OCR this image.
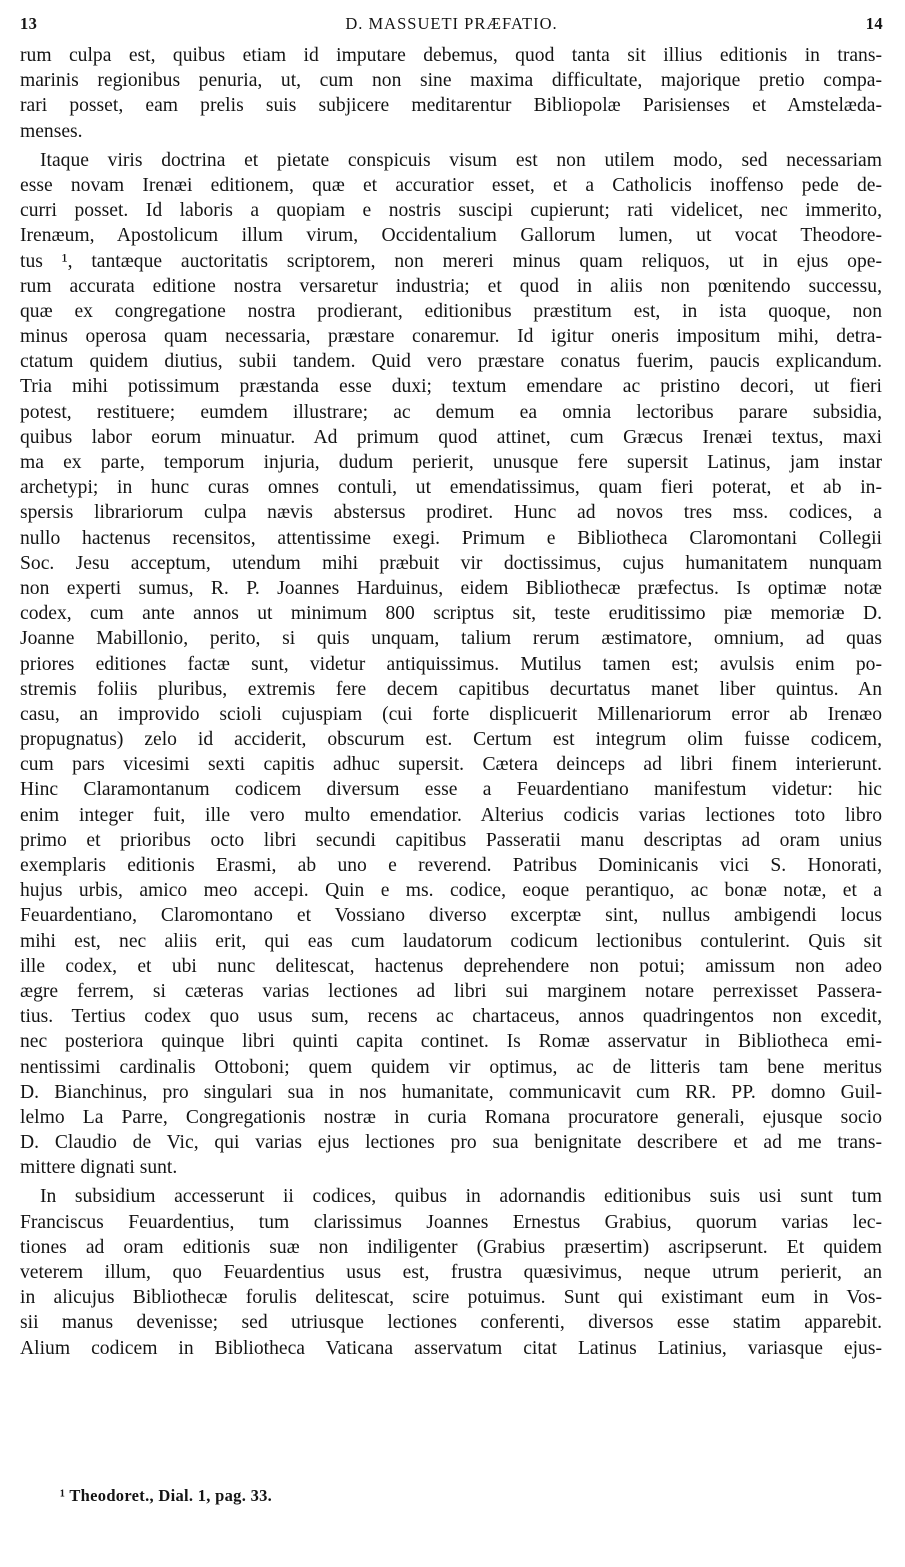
13	D. MASSUETI PRÆFATIO.	14
rum culpa est, quibus etiam id imputare debemus, quod tanta sit illius editionis in trans-
marinis regionibus penuria, ut, cum non sine maxima difficultate, majorique pretio compa-
rari posset, eam prelis suis subjicere meditarentur Bibliopolæ Parisienses et Amstelæda-
menses.
Itaque viris doctrina et pietate conspicuis visum est non utilem modo, sed necessariam
esse novam Irenæi editionem, quæ et accuratior esset, et a Catholicis inoffenso pede de-
curri posset. Id laboris a quopiam e nostris suscipi cupierunt; rati videlicet, nec immerito,
Irenæum, Apostolicum illum virum, Occidentalium Gallorum lumen, ut vocat Theodore-
tus ¹, tantæque auctoritatis scriptorem, non mereri minus quam reliquos, ut in ejus ope-
rum accurata editione nostra versaretur industria; et quod in aliis non pœnitendo successu,
quæ ex congregatione nostra prodierant, editionibus præstitum est, in ista quoque, non
minus operosa quam necessaria, præstare conaremur. Id igitur oneris impositum mihi, detra-
ctatum quidem diutius, subii tandem. Quid vero præstare conatus fuerim, paucis explicandum.
Tria mihi potissimum præstanda esse duxi; textum emendare ac pristino decori, ut fieri
potest, restituere; eumdem illustrare; ac demum ea omnia lectoribus parare subsidia,
quibus labor eorum minuatur. Ad primum quod attinet, cum Græcus Irenæi textus, maxi
ma ex parte, temporum injuria, dudum perierit, unusque fere supersit Latinus, jam instar
archetypi; in hunc curas omnes contuli, ut emendatissimus, quam fieri poterat, et ab in-
spersis librariorum culpa nævis abstersus prodiret. Hunc ad novos tres mss. codices, a
nullo hactenus recensitos, attentissime exegi. Primum e Bibliotheca Claromontani Collegii
Soc. Jesu acceptum, utendum mihi præbuit vir doctissimus, cujus humanitatem nunquam
non experti sumus, R. P. Joannes Harduinus, eidem Bibliothecæ præfectus. Is optimæ notæ
codex, cum ante annos ut minimum 800 scriptus sit, teste eruditissimo piæ memoriæ D.
Joanne Mabillonio, perito, si quis unquam, talium rerum æstimatore, omnium, ad quas
priores editiones factæ sunt, videtur antiquissimus. Mutilus tamen est; avulsis enim po-
stremis foliis pluribus, extremis fere decem capitibus decurtatus manet liber quintus. An
casu, an improvido scioli cujuspiam (cui forte displicuerit Millenariorum error ab Irenæo
propugnatus) zelo id acciderit, obscurum est. Certum est integrum olim fuisse codicem,
cum pars vicesimi sexti capitis adhuc supersit. Cætera deinceps ad libri finem interierunt.
Hinc Claramontanum codicem diversum esse a Feuardentiano manifestum videtur: hic
enim integer fuit, ille vero multo emendatior. Alterius codicis varias lectiones toto libro
primo et prioribus octo libri secundi capitibus Passeratii manu descriptas ad oram unius
exemplaris editionis Erasmi, ab uno e reverend. Patribus Dominicanis vici S. Honorati,
hujus urbis, amico meo accepi. Quin e ms. codice, eoque perantiquo, ac bonæ notæ, et a
Feuardentiano, Claromontano et Vossiano diverso excerptæ sint, nullus ambigendi locus
mihi est, nec aliis erit, qui eas cum laudatorum codicum lectionibus contulerint. Quis sit
ille codex, et ubi nunc delitescat, hactenus deprehendere non potui; amissum non adeo
ægre ferrem, si cæteras varias lectiones ad libri sui marginem notare perrexisset Passera-
tius. Tertius codex quo usus sum, recens ac chartaceus, annos quadringentos non excedit,
nec posteriora quinque libri quinti capita continet. Is Romæ asservatur in Bibliotheca emi-
nentissimi cardinalis Ottoboni; quem quidem vir optimus, ac de litteris tam bene meritus
D. Bianchinus, pro singulari sua in nos humanitate, communicavit cum RR. PP. domno Guil-
lelmo La Parre, Congregationis nostræ in curia Romana procuratore generali, ejusque socio
D. Claudio de Vic, qui varias ejus lectiones pro sua benignitate describere et ad me trans-
mittere dignati sunt.
In subsidium accesserunt ii codices, quibus in adornandis editionibus suis usi sunt tum
Franciscus Feuardentius, tum clarissimus Joannes Ernestus Grabius, quorum varias lec-
tiones ad oram editionis suæ non indiligenter (Grabius præsertim) ascripserunt. Et quidem
veterem illum, quo Feuardentius usus est, frustra quæsivimus, neque utrum perierit, an
in alicujus Bibliothecæ forulis delitescat, scire potuimus. Sunt qui existimant eum in Vos-
sii manus devenisse; sed utriusque lectiones conferenti, diversos esse statim apparebit.
Alium codicem in Bibliotheca Vaticana asservatum citat Latinus Latinius, variasque ejus-
¹ Theodoret., Dial. 1, pag. 33.
